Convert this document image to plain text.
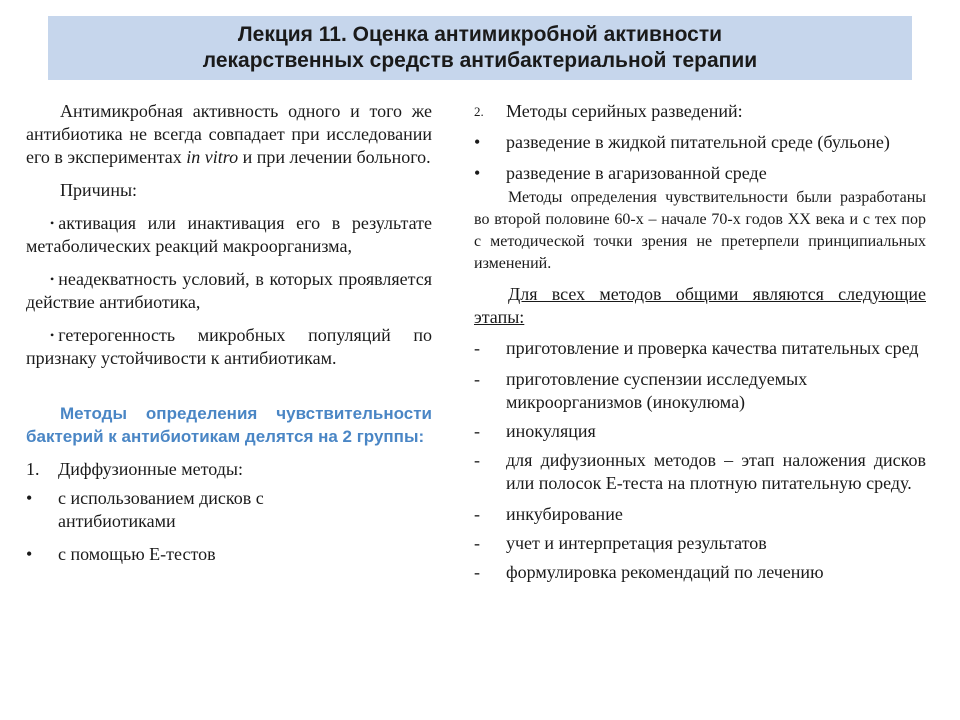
Лекция 11. Оценка антимикробной активности
лекарственных средств антибактериальной терапии

Антимикробная активность одного и того же антибиотика не всегда совпадает при исследовании его в экспериментах in vitro и при лечении больного.

Причины:

• активация или инактивация его в результате метаболических реакций макроорганизма,
• неадекватность условий, в которых проявляется действие антибиотика,
• гетерогенность микробных популяций по признаку устойчивости к антибиотикам.

Методы определения чувствительности бактерий к антибиотикам делятся на 2 группы:

1.	Диффузионные методы:
•	с использованием дисков с антибиотиками
•	с помощью Е-тестов
2.	Методы серийных разведений:
•	разведение в жидкой питательной среде (бульоне)
•	разведение в агаризованной среде

Методы определения чувствительности были разработаны во второй половине 60-х – начале 70-х годов XX века и с тех пор с методической точки зрения не претерпели принципиальных изменений.

Для всех методов общими являются следующие этапы:

-	приготовление и проверка качества питательных сред
-	приготовление суспензии исследуемых микроорганизмов (инокулюма)
-	инокуляция
-	для дифузионных методов – этап наложения дисков или полосок Е-теста на плотную питательную среду.
-	инкубирование
-	учет и интерпретация результатов
-	формулировка рекомендаций по лечению
